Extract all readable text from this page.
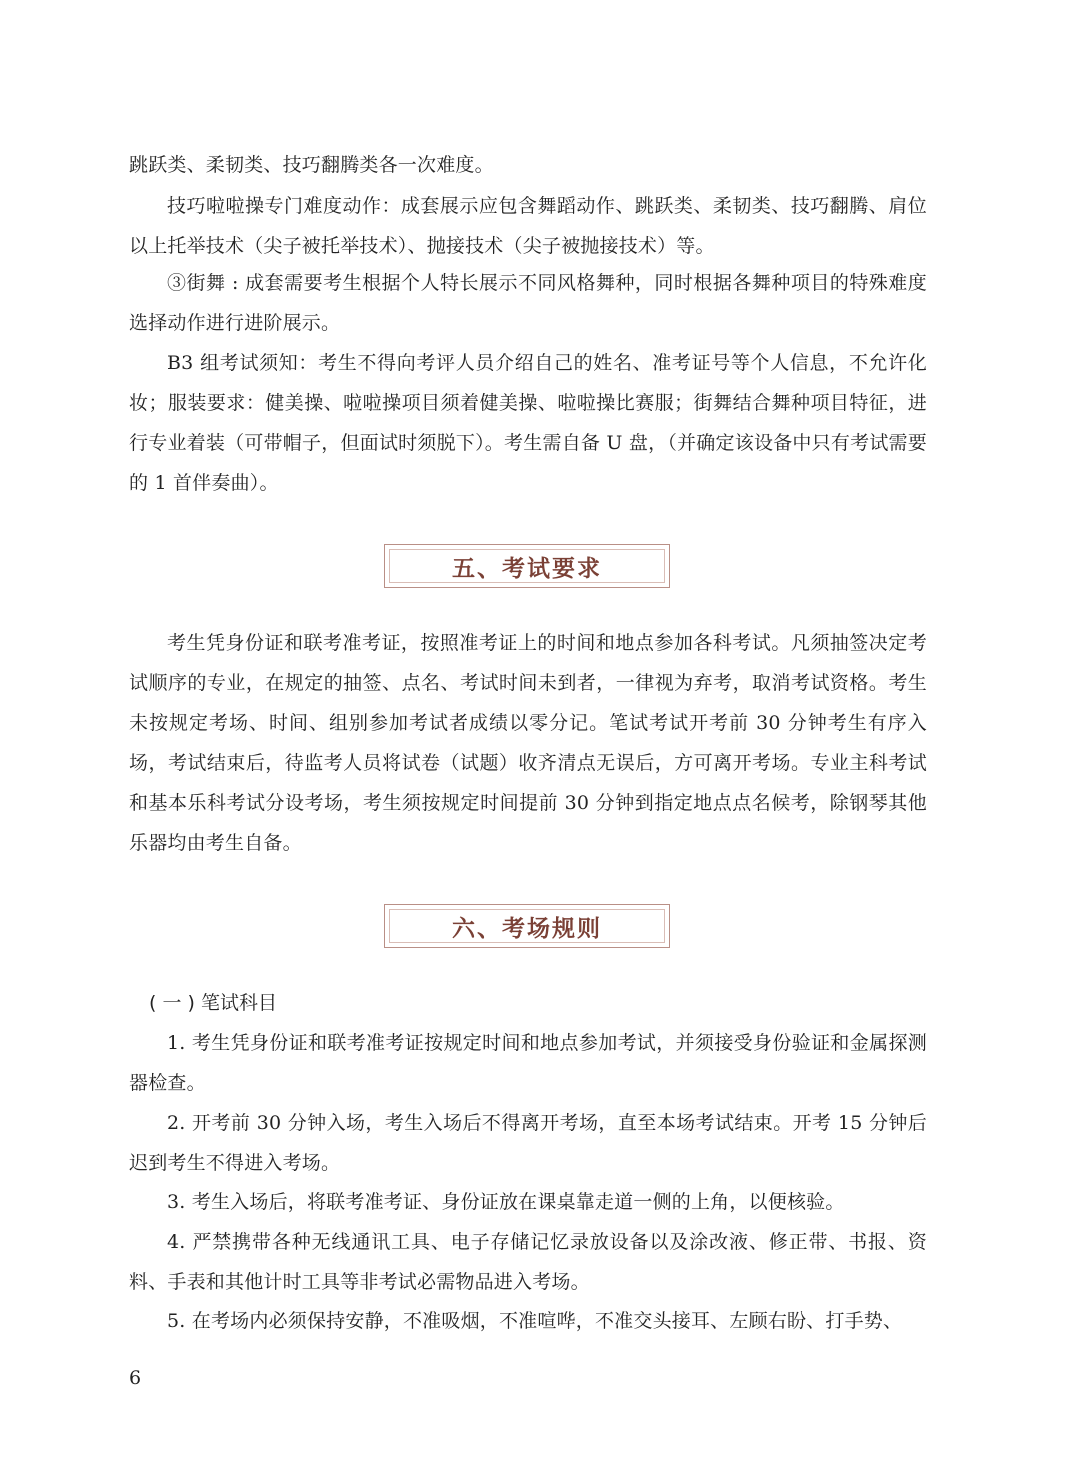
跳跃类、柔韧类、技巧翻腾类各一次难度。

技巧啦啦操专门难度动作：成套展示应包含舞蹈动作、跳跃类、柔韧类、技巧翻腾、肩位以上托举技术（尖子被托举技术）、抛接技术（尖子被抛接技术）等。

③街舞 : 成套需要考生根据个人特长展示不同风格舞种，同时根据各舞种项目的特殊难度选择动作进行进阶展示。

B3 组考试须知：考生不得向考评人员介绍自己的姓名、准考证号等个人信息，不允许化妆；服装要求：健美操、啦啦操项目须着健美操、啦啦操比赛服；街舞结合舞种项目特征，进行专业着装（可带帽子，但面试时须脱下）。考生需自备 U 盘，（并确定该设备中只有考试需要的 1 首伴奏曲）。

五、考试要求

考生凭身份证和联考准考证，按照准考证上的时间和地点参加各科考试。凡须抽签决定考试顺序的专业，在规定的抽签、点名、考试时间未到者，一律视为弃考，取消考试资格。考生未按规定考场、时间、组别参加考试者成绩以零分记。笔试考试开考前 30 分钟考生有序入场，考试结束后，待监考人员将试卷（试题）收齐清点无误后，方可离开考场。专业主科考试和基本乐科考试分设考场，考生须按规定时间提前 30 分钟到指定地点点名候考，除钢琴其他乐器均由考生自备。

六、考场规则
( 一 ) 笔试科目

1. 考生凭身份证和联考准考证按规定时间和地点参加考试，并须接受身份验证和金属探测器检查。

2. 开考前 30 分钟入场，考生入场后不得离开考场，直至本场考试结束。开考 15 分钟后迟到考生不得进入考场。

3. 考生入场后，将联考准考证、身份证放在课桌靠走道一侧的上角，以便核验。

4. 严禁携带各种无线通讯工具、电子存储记忆录放设备以及涂改液、修正带、书报、资料、手表和其他计时工具等非考试必需物品进入考场。

5. 在考场内必须保持安静，不准吸烟，不准喧哗，不准交头接耳、左顾右盼、打手势、

6
